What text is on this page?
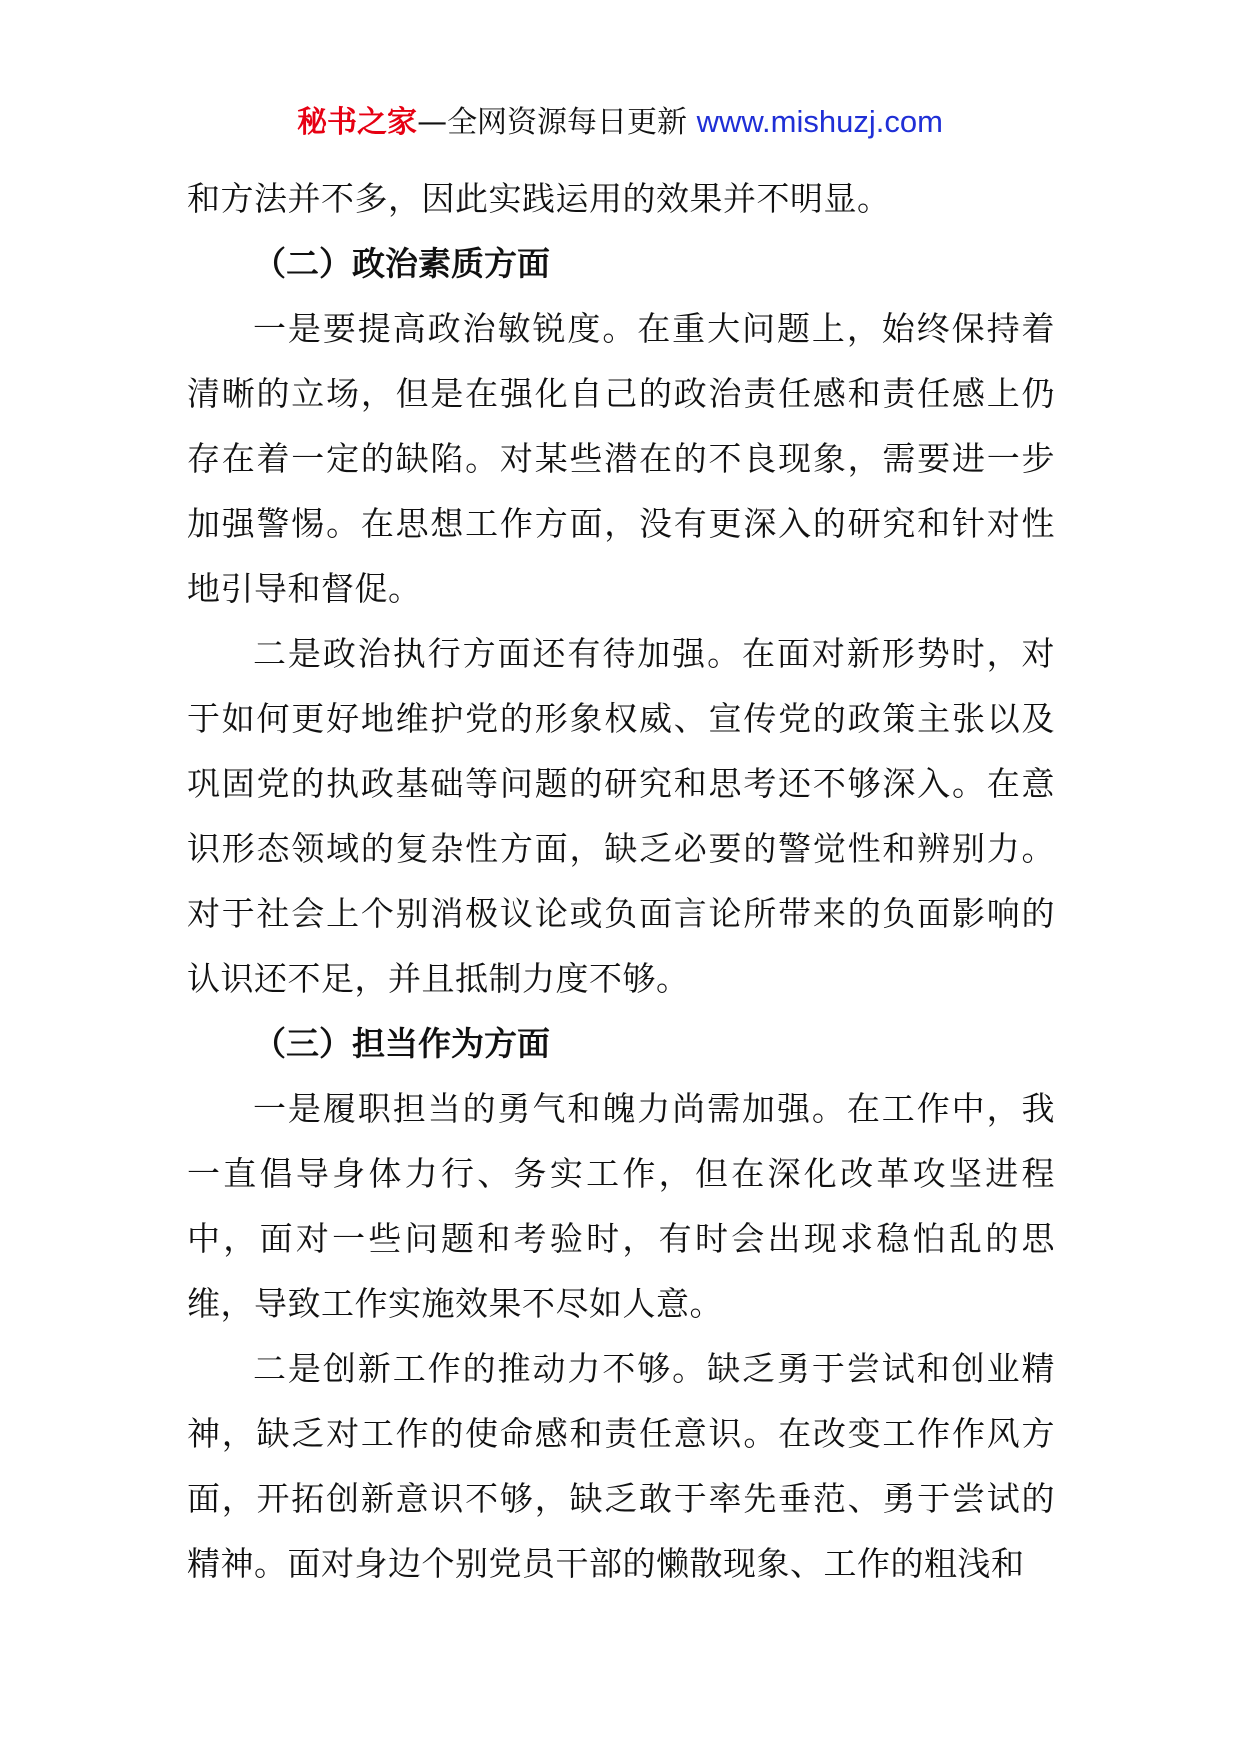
秘书之家—全网资源每日更新 www.mishuzj.com

和方法并不多，因此实践运用的效果并不明显。

（二）政治素质方面

一是要提高政治敏锐度。在重大问题上，始终保持着清晰的立场，但是在强化自己的政治责任感和责任感上仍存在着一定的缺陷。对某些潜在的不良现象，需要进一步加强警惕。在思想工作方面，没有更深入的研究和针对性地引导和督促。

二是政治执行方面还有待加强。在面对新形势时，对于如何更好地维护党的形象权威、宣传党的政策主张以及巩固党的执政基础等问题的研究和思考还不够深入。在意识形态领域的复杂性方面，缺乏必要的警觉性和辨别力。对于社会上个别消极议论或负面言论所带来的负面影响的认识还不足，并且抵制力度不够。

（三）担当作为方面

一是履职担当的勇气和魄力尚需加强。在工作中，我一直倡导身体力行、务实工作，但在深化改革攻坚进程中，面对一些问题和考验时，有时会出现求稳怕乱的思维，导致工作实施效果不尽如人意。

二是创新工作的推动力不够。缺乏勇于尝试和创业精神，缺乏对工作的使命感和责任意识。在改变工作作风方面，开拓创新意识不够，缺乏敢于率先垂范、勇于尝试的精神。面对身边个别党员干部的懒散现象、工作的粗浅和
